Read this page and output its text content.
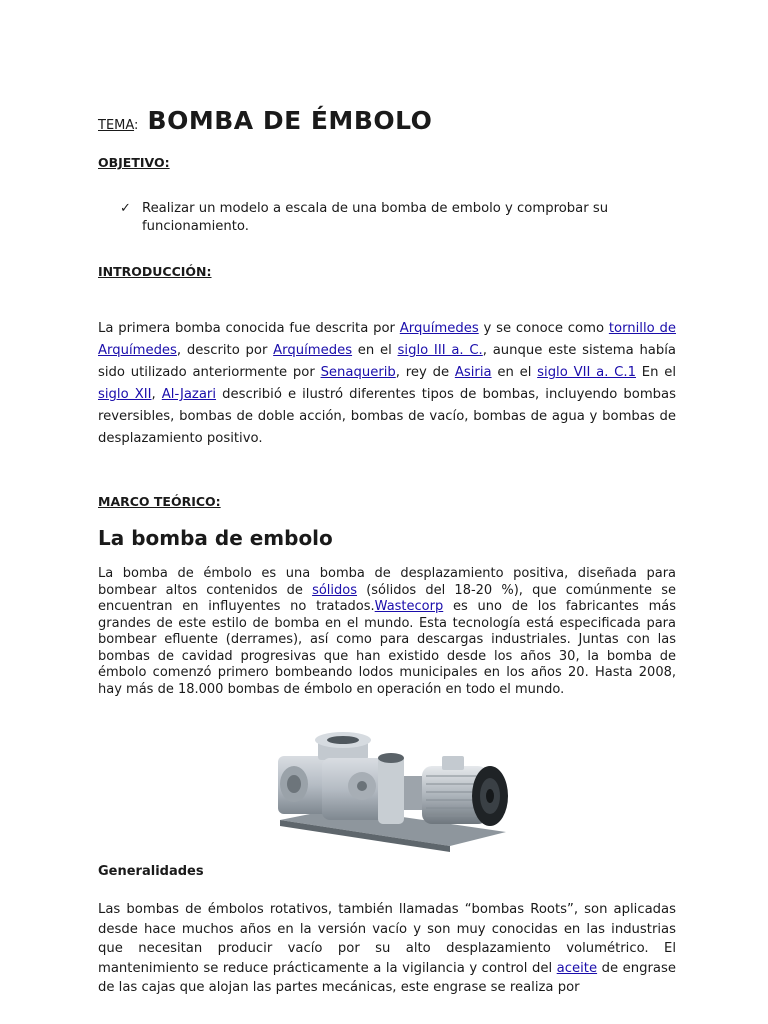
TEMA: BOMBA DE ÉMBOLO
OBJETIVO:
✓ Realizar un modelo a escala de una bomba de embolo y comprobar su funcionamiento.
INTRODUCCIÓN:
La primera bomba conocida fue descrita por Arquímedes y se conoce como tornillo de Arquímedes, descrito por Arquímedes en el siglo III a. C., aunque este sistema había sido utilizado anteriormente por Senaquerib, rey de Asiria en el siglo VII a. C.1 En el siglo XII, Al-Jazari describió e ilustró diferentes tipos de bombas, incluyendo bombas reversibles, bombas de doble acción, bombas de vacío, bombas de agua y bombas de desplazamiento positivo.
MARCO TEÓRICO:
La bomba de embolo
La bomba de émbolo es una bomba de desplazamiento positiva, diseñada para bombear altos contenidos de sólidos (sólidos del 18-20 %), que comúnmente se encuentran en influyentes no tratados.Wastecorp es uno de los fabricantes más grandes de este estilo de bomba en el mundo. Esta tecnología está especificada para bombear efluente (derrames), así como para descargas industriales. Juntas con las bombas de cavidad progresivas que han existido desde los años 30, la bomba de émbolo comenzó primero bombeando lodos municipales en los años 20. Hasta 2008, hay más de 18.000 bombas de émbolo en operación en todo el mundo.
Generalidades
Las bombas de émbolos rotativos, también llamadas “bombas Roots”, son aplicadas desde hace muchos años en la versión vacío y son muy conocidas en las industrias que necesitan producir vacío por su alto desplazamiento volumétrico. El mantenimiento se reduce prácticamente a la vigilancia y control del aceite de engrase de las cajas que alojan las partes mecánicas, este engrase se realiza por
